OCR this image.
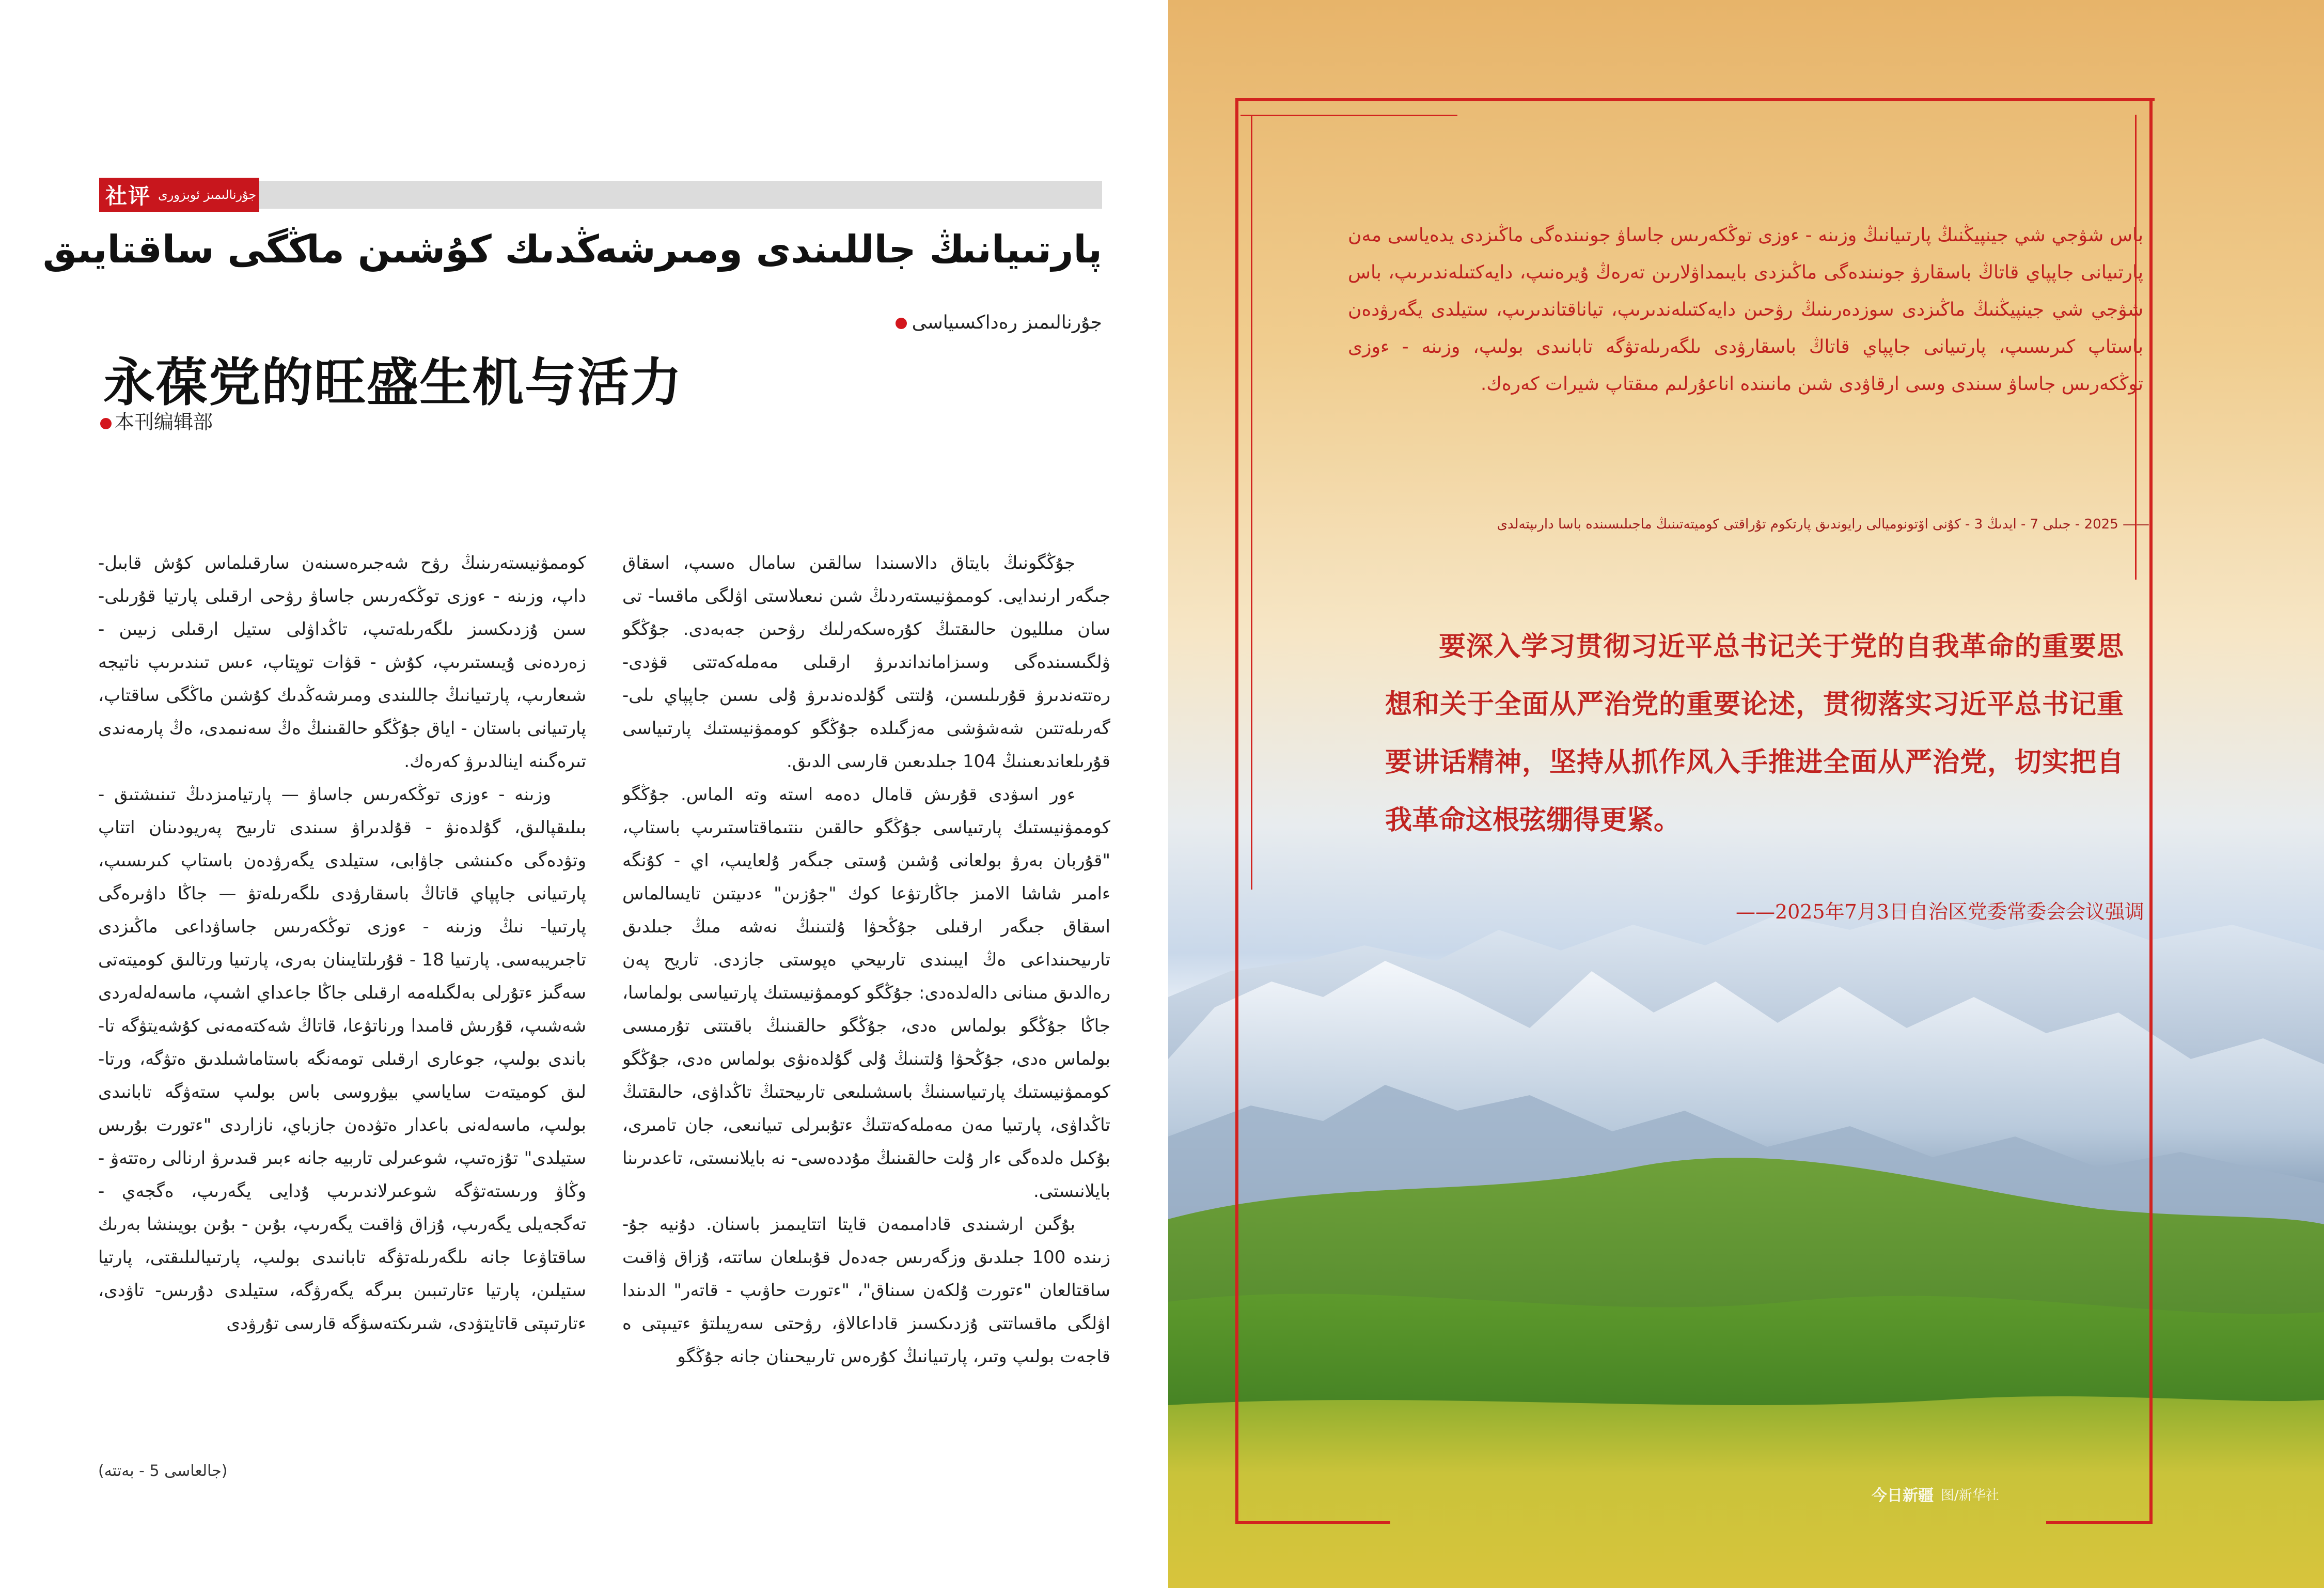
社评 جۇرنالىمىز ئوبزورى
پارتىيانىڭ جاللىندى ومىرشەڭدىك كۇشىن ماڭگى ساقتايىق
جۇرنالىمىز رەداكسىياسى
永葆党的旺盛生机与活力
本刊编辑部

جۇڭگونىڭ بايتاق دالاسىندا سالقىن سامال ەسىپ، اسقاق جىگەر ارنىدايى. كوممۋنيستەردىڭ شىن نىعىلاستى اۋلگى ماقسا- تى سان مىلليون حالىقتىڭ كۇرەسكەرلىك رۋحىن جەبەدى. جۇڭگو ۋلگىسىندەگى وسىزامانداندىرۋ ارقىلى مەملەكەتتى قۋدى- رەتتەندىرۋ قۇرىلىسىن، ۇلتتى گۇلدەندىرۋ ۇلى ىسىن جاپپاي ىلى- گەرىلەتتىن شەشۋشى مەزگىلدە جۇڭگو كوممۋنيستىك پارتىياسى قۇرىلعاندىعىنىڭ 104 جىلدىعىن قارسى الدىق.

ءور اسۋدى قۇرىش قامال دەمە استە وتە الماس. جۇڭگو كوممۋنيستىك پارتىياسى جۇڭگو حالقىن ىنتىماقتاستىرىپ باستاپ، "قۇربان بەرۋ بولعانى ۇشىن ۇستى جىگەر ۇلعايىپ، اي - كۇنگە ءامىر شاشا الامىز جاڭارتۋعا كوك "جۇزىن" ءدىيتىن تايسالماس اسقاق جىگەر ارقىلى جۇڭحۋا ۇلتىنىڭ نەشە مىڭ جىلدىق تارىيحىنداعى ەڭ ايبىندى تارىيحي ەپوستى جازدى. تاريح پەن رەالدىق مىنانى دالەلدەدى: جۇڭگو كوممۋنيستىك پارتىياسى بولماسا، جاڭا جۇڭگو بولماس ەدى، جۇڭگو حالقىنىڭ باقىتتى تۇرمىسى بولماس ەدى، جۇڭحۋا ۇلتىنىڭ ۇلى گۇلدەنۋى بولماس ەدى، جۇڭگو كوممۋنيستىك پارتىياسىنىڭ باسشىلىعى تارىيحتىڭ تاڭداۋى، حالىقتىڭ تاڭداۋى، پارتىيا مەن مەملەكەتتىڭ ءتۇبىرلى تىيانىعى، جان تامىرى، بۇكىل ەلدەگى ءار ۇلت حالقىنىڭ مۇددەسى- نە بايلانىستى، تاعدىرىنا بايلانىستى.

بۇگىن ارشىندى قادامىمەن قايتا اتتايىمىز باسنان. دۇنيە جۇ- زىندە 100 جىلدىق وزگەرىس جەدەل قۇبىلعان ساتتە، ۇزاق ۋاقىت ساقتالعان "ءتورت ۇلكەن سىناق"، "ءتورت حاۋىپ - قاتەر" الدىندا اۋلگى ماقساتتى ۇزدىكسىز قاداعالاۋ، رۋحتى سەرپىلتۋ ءتيىپتى ە قاجەت بولىپ وتىر، پارتىيانىڭ كۇرەس تارىيحىنان جانە جۇڭگو

كوممۋنيستەرىنىڭ رۋح شەجىرەسىنەن سارقىلماس كۇش قابىل- داپ، وزىنە - ءوزى توڭكەرىس جاساۋ رۋحى ارقىلى پارتيا قۇرىلى- سىن ۇزدىكسىز ىلگەرىلەتىپ، تاڭداۋلى ستيل ارقىلى زىيىن - زەردەنى ۇيىستىرىپ، كۇش - قۋات توپتاپ، ءىس تىندىرىپ ناتيجە شىعارىپ، پارتىيانىڭ جاللىندى ومىرشەڭدىك كۇشىن ماڭگى ساقتاپ، پارتىيانى باستان - اياق جۇڭگو حالقىنىڭ ەڭ سەنىمدى، ەڭ پارمەندى تىرەگىنە اينالدىرۋ كەرەك.

وزىنە - ءوزى توڭكەرىس جاساۋ — پارتيامىزدىڭ تىنىشتىق - بىلىقپالىق، گۇلدەنۋ - قۇلدىراۋ سىندى تارىيح پەريودىنان اتتاپ وتۋدەگى ەكىنشى جاۋابى، ستيلدى يگەرۋدەن باستاپ كىرىسىپ، پارتىيانى جاپپاي قاتاڭ باسقارۋدى ىلگەرىلەتۋ — جاڭا داۋىرەگى پارتىيا- نىڭ وزىنە - ءوزى توڭكەرىس جاساۋداعى ماڭىزدى تاجىريبەسى. پارتىيا 18 - قۇرىلتايىنان بەرى، پارتىيا ورتالىق كوميتەتى سەگىز ءتۇرلى بەلگىلەمە ارقىلى جاڭا جاعداي اشىپ، ماسەلەلەردى شەشىپ، قۇرىش قامىدا ورناتۋعا، قاتاڭ شەكتەمەنى كۇشەيتۋگە تا- باندى بولىپ، جوعارى ارقىلى تومەنگە باستاماشىلدىق ەتۋگە، ورتا- لىق كوميتەت ساياسي بيۋروسى باس بولىپ ستەۋگە تابانىدى بولىپ، ماسەلەنى باعدار ەتۋدەن جازباي، نازاردى "ءتورت بۇرىس ستيلدى" تۇزەتىپ، شوعىرلى تاربيە جانە ءبىر قىدىرۋ ارنالى رەتتەۋ - وڭاۋ ورىستەتۋگە شوعىرلاندىرىپ ۇدايى يگەرىپ، ەگجەي - تەگجەيلى يگەرىپ، ۇزاق ۋاقىت يگەرىپ، بۇىن - بۇىن بويىنشا بەرىك ساقتاۋعا جانە ىلگەرىلەتۋگە تابانىدى بولىپ، پارتىيالىلىقتى، پارتيا ستيلىن، پارتيا ءتارتىبىن بىرگە يگەرۋگە، ستيلدى دۇرىس- تاۋدى، ءتارتىپتى قاتايتۋدى، شىرىكتەسۋگە قارسى تۇرۋدى

(جالعاسى 5 - بەتتە)
باس شۋجي شي جينپيڭنىڭ پارتىيانىڭ وزىنە - ءوزى توڭكەرىس جاساۋ جونىندەگى ماڭىزدى يدەياسى مەن پارتىيانى جاپپاي قاتاڭ باسقارۋ جونىندەگى ماڭىزدى بايىمداۋلارىن تەرەڭ ۇيرەنىپ، دايەكتىلەندىرىپ، باس شۋجي شي جينپيڭنىڭ ماڭىزدى سوزدەرىنىڭ رۋحىن دايەكتىلەندىرىپ، تياناقتاندىرىپ، ستيلدى يگەرۋدەن باستاپ كىرىسىپ، پارتىيانى جاپپاي قاتاڭ باسقارۋدى ىلگەرىلەتۋگە تابانىدى بولىپ، وزىنە - ءوزى توڭكەرىس جاساۋ سىندى وسى ارقاۋدى شىن مانىندە اناعۇرلىم مىقتاپ شيرات كەرەك.
—— 2025 - جىلى 7 - ايدىڭ 3 - كۇنى اۆتونوميالى رايوندىق پارتكوم تۇراقتى كوميتەتىنىڭ ماجىلىسىندە باسا دارىپتەلدى
要深入学习贯彻习近平总书记关于党的自我革命的重要思想和关于全面从严治党的重要论述，贯彻落实习近平总书记重要讲话精神，坚持从抓作风入手推进全面从严治党，切实把自我革命这根弦绷得更紧。
——2025年7月3日自治区党委常委会会议强调
今日新疆 图/新华社
